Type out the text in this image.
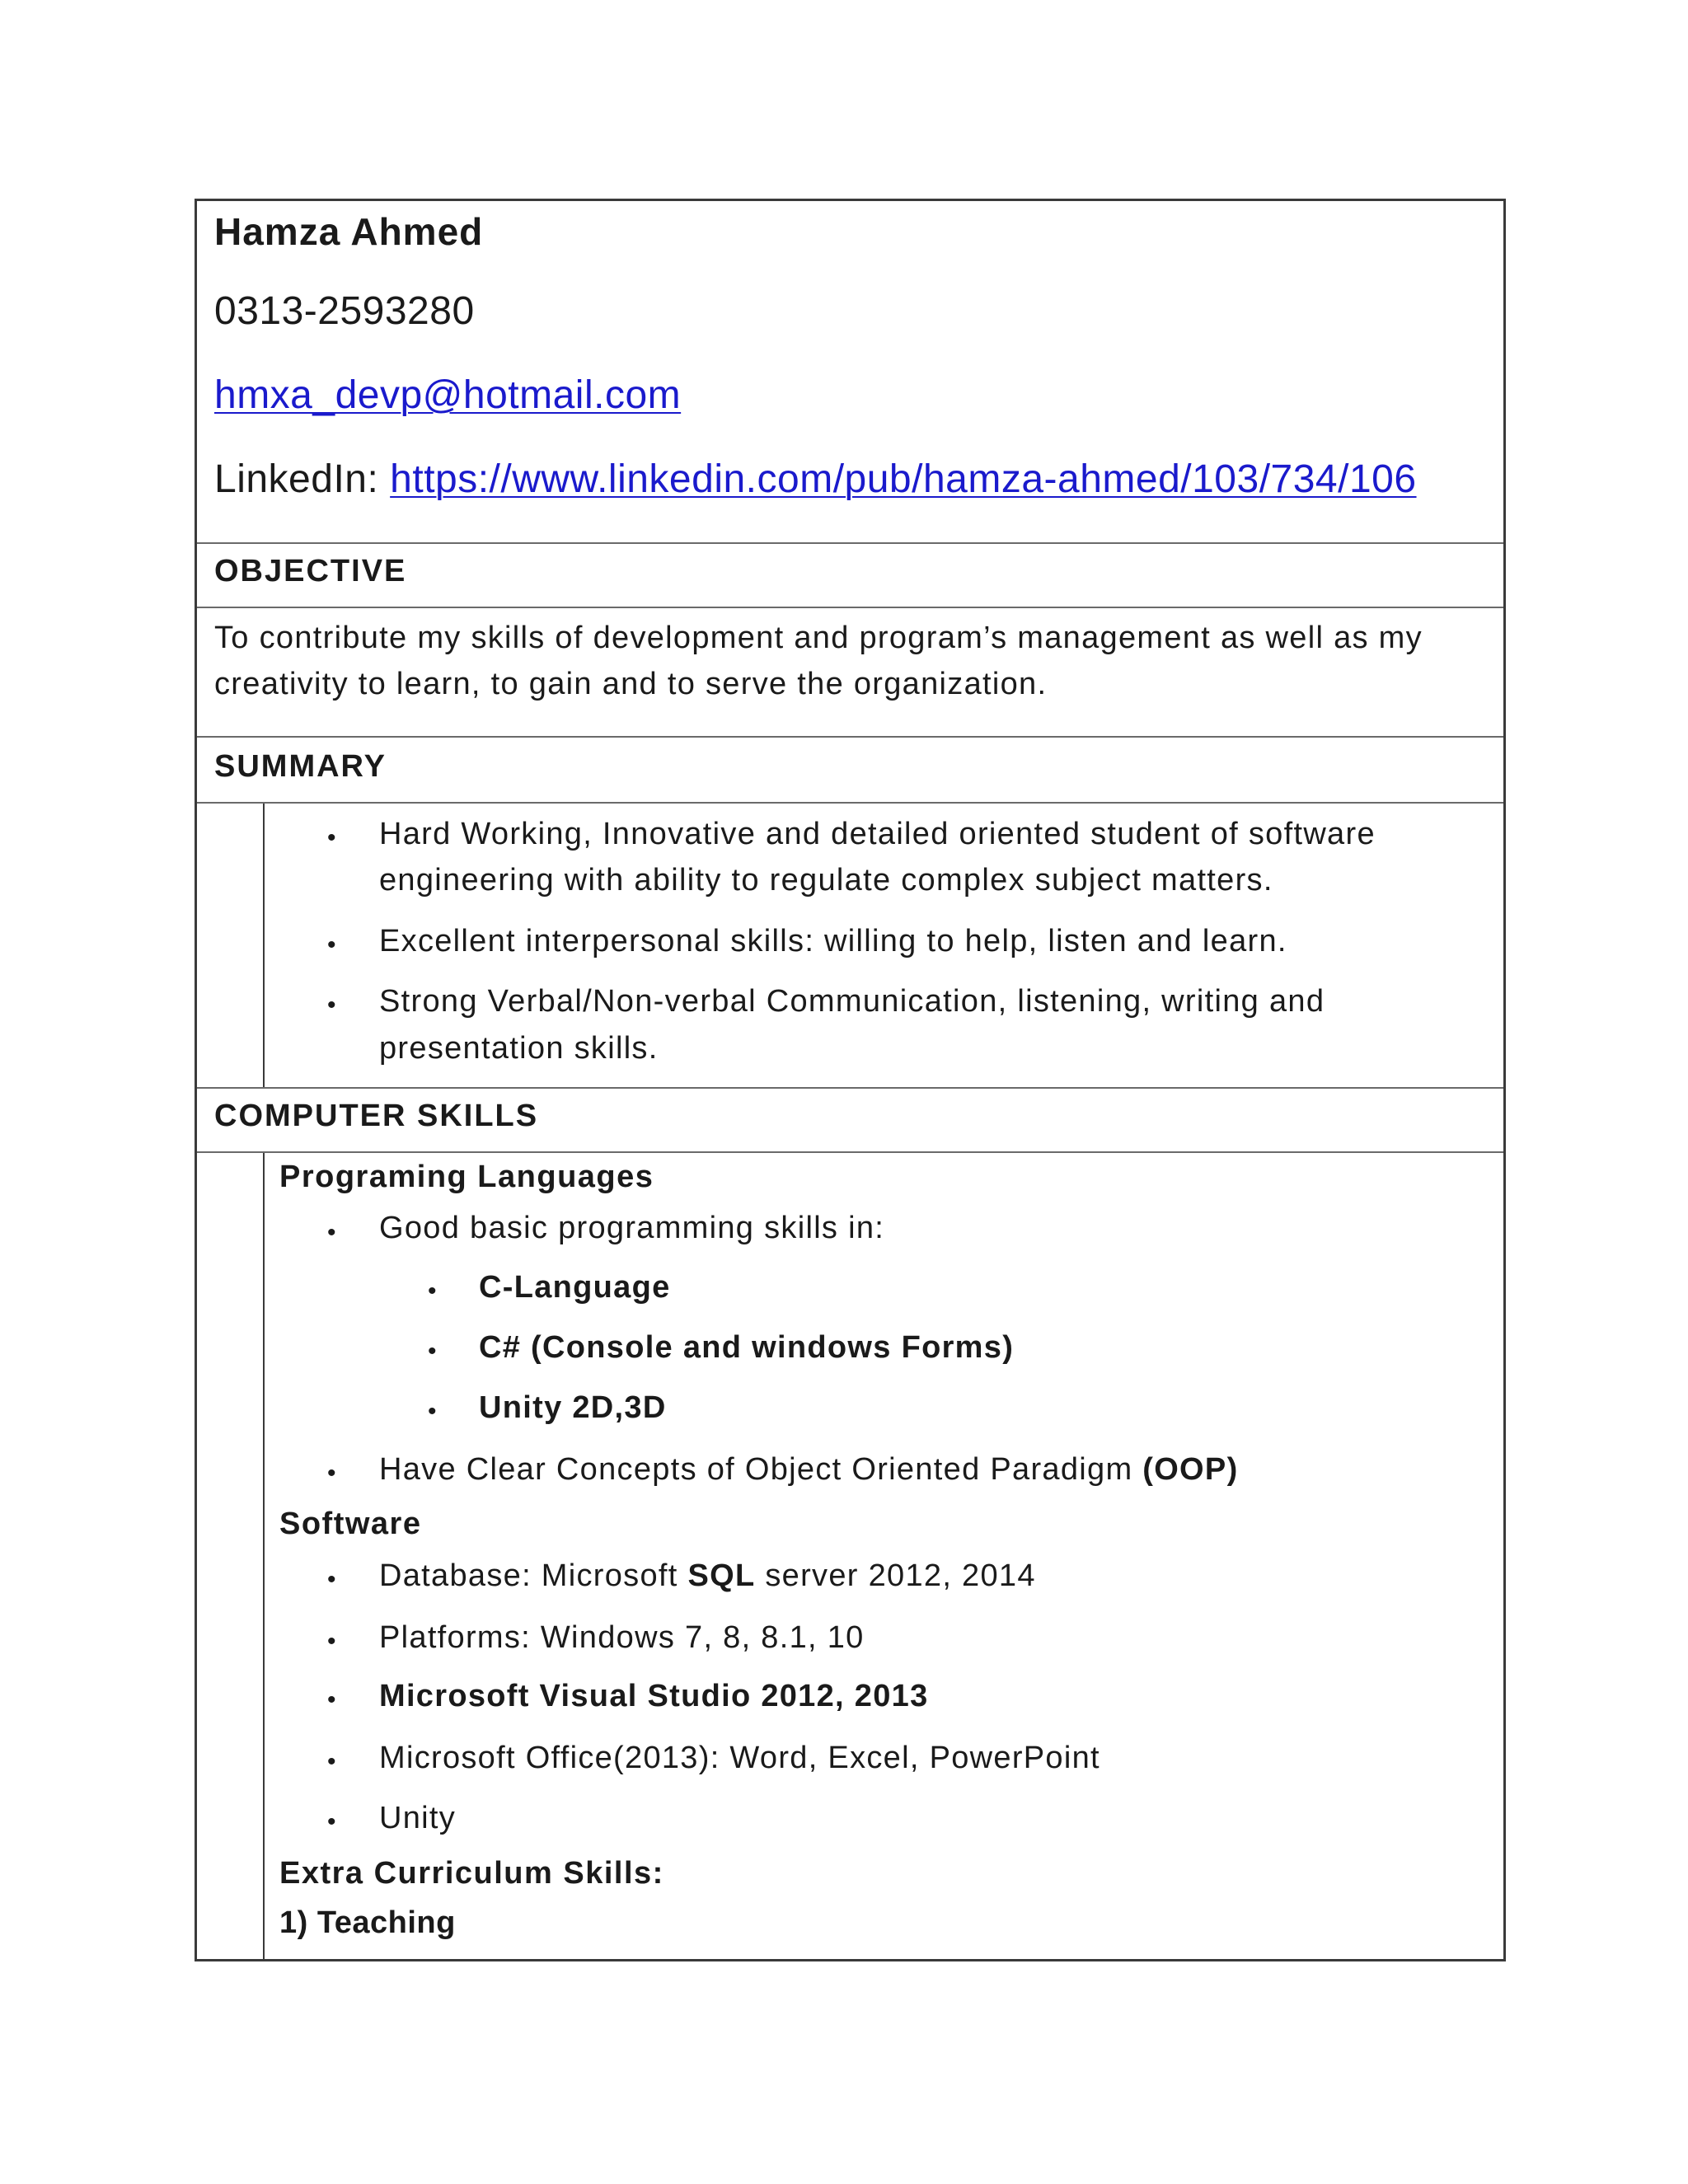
Hamza Ahmed
0313-2593280
hmxa_devp@hotmail.com
LinkedIn: https://www.linkedin.com/pub/hamza-ahmed/103/734/106
OBJECTIVE
To contribute my skills of development and program’s management as well as my creativity to learn, to gain and to serve the organization.
SUMMARY
• Hard Working, Innovative and detailed oriented student of software
engineering with ability to regulate complex subject matters.
• Excellent interpersonal skills: willing to help, listen and learn.
• Strong Verbal/Non-verbal Communication, listening, writing and
presentation skills.
COMPUTER SKILLS
Programing Languages
• Good basic programming skills in:
• C-Language
• C# (Console and windows Forms)
• Unity 2D,3D
• Have Clear Concepts of Object Oriented Paradigm (OOP)
Software
• Database: Microsoft SQL server 2012, 2014
• Platforms: Windows 7, 8, 8.1, 10
• Microsoft Visual Studio 2012, 2013
• Microsoft Office(2013): Word, Excel, PowerPoint
• Unity
Extra Curriculum Skills:
1) Teaching
